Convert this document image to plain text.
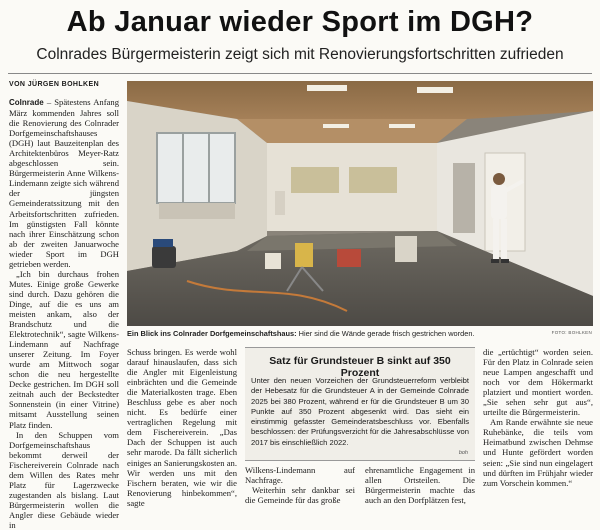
Ab Januar wieder Sport im DGH?
Colnrades Bürgermeisterin zeigt sich mit Renovierungsfortschritten zufrieden
VON JÜRGEN BOHLKEN

Colnrade – Spätestens Anfang März kommenden Jahres soll die Renovierung des Colnrader Dorfgemeinschaftshauses (DGH) laut Bauzeitenplan des Architektenbüros Meyer-Ratz abgeschlossen sein. Bürgermeisterin Anne Wilkens-Lindemann zeigte sich während der jüngsten Gemeinderatssitzung mit den Arbeitsfortschritten zufrieden. Im günstigsten Fall könnte nach ihrer Einschätzung schon ab der zweiten Januarwoche wieder Sport im DGH getrieben werden.

„Ich bin durchaus frohen Mutes. Einige große Gewerke sind durch. Dazu gehören die Dinge, auf die es uns am meisten ankam, also der Brandschutz und die Elektrotechnik“, sagte Wilkens-Lindemann auf Nachfrage unserer Zeitung. Im Foyer wurde am Mittwoch sogar schon die neu hergestellte Decke gestrichen. Im DGH soll zeitnah auch der Beckstedter Sonnenstein (in einer Vitrine) mitsamt Ausstellung seinen Platz finden.

In den Schuppen vom Dorfgemeinschaftshaus bekommt derweil der Fischereiverein Colnrade nach dem Willen des Rates mehr Platz für Lagerzwecke zugestanden als bislang. Laut Bürgermeisterin wollen die Angler diese Gebäude wieder in

Ein Blick ins Colnrader Dorfgemeinschaftshaus: Hier sind die Wände gerade frisch gestrichen worden.	FOTO: BOHLKEN

Schuss bringen. Es werde wohl darauf hinauslaufen, dass sich die Angler mit Eigenleistung einbrächten und die Gemeinde die Materialkosten trage. Eben Beschluss gebe es aber noch nicht. Es bedürfe einer vertraglichen Regelung mit dem Fischereiverein. „Das Dach der Schuppen ist auch sehr marode. Da fällt sicherlich einiges an Sanierungskosten an. Wir werden uns mit den Fischern beraten, wie wir die Renovierung hinbekommen“, sagte

Satz für Grundsteuer B sinkt auf 350 Prozent
Unter den neuen Vorzeichen der Grundsteuerreform verbleibt der Hebesatz für die Grundsteuer A in der Gemeinde Colnrade 2025 bei 380 Prozent, während er für die Grundsteuer B um 30 Punkte auf 350 Prozent abgesenkt wird. Das sieht ein einstimmig gefasster Gemeinderatsbeschluss vor. Ebenfalls beschlossen: der Prüfungsverzicht für die Jahresabschlüsse von 2017 bis einschließlich 2022.
boh

Wilkens-Lindemann auf Nachfrage.

Weiterhin sehr dankbar sei die Gemeinde für das große

ehrenamtliche Engagement in allen Ortsteilen. Die Bürgermeisterin machte das auch an den Dorfplätzen fest,

die „ertüchtigt“ worden seien. Für den Platz in Colnrade seien neue Lampen angeschafft und noch vor dem Hökermarkt platziert und montiert worden. „Sie sehen sehr gut aus“, urteilte die Bürgermeisterin.

Am Rande erwähnte sie neue Ruhebänke, die teils vom Heimatbund zwischen Dehmse und Hunte gefördert worden seien: „Sie sind nun eingelagert und dürften im Frühjahr wieder zum Vorschein kommen.“
